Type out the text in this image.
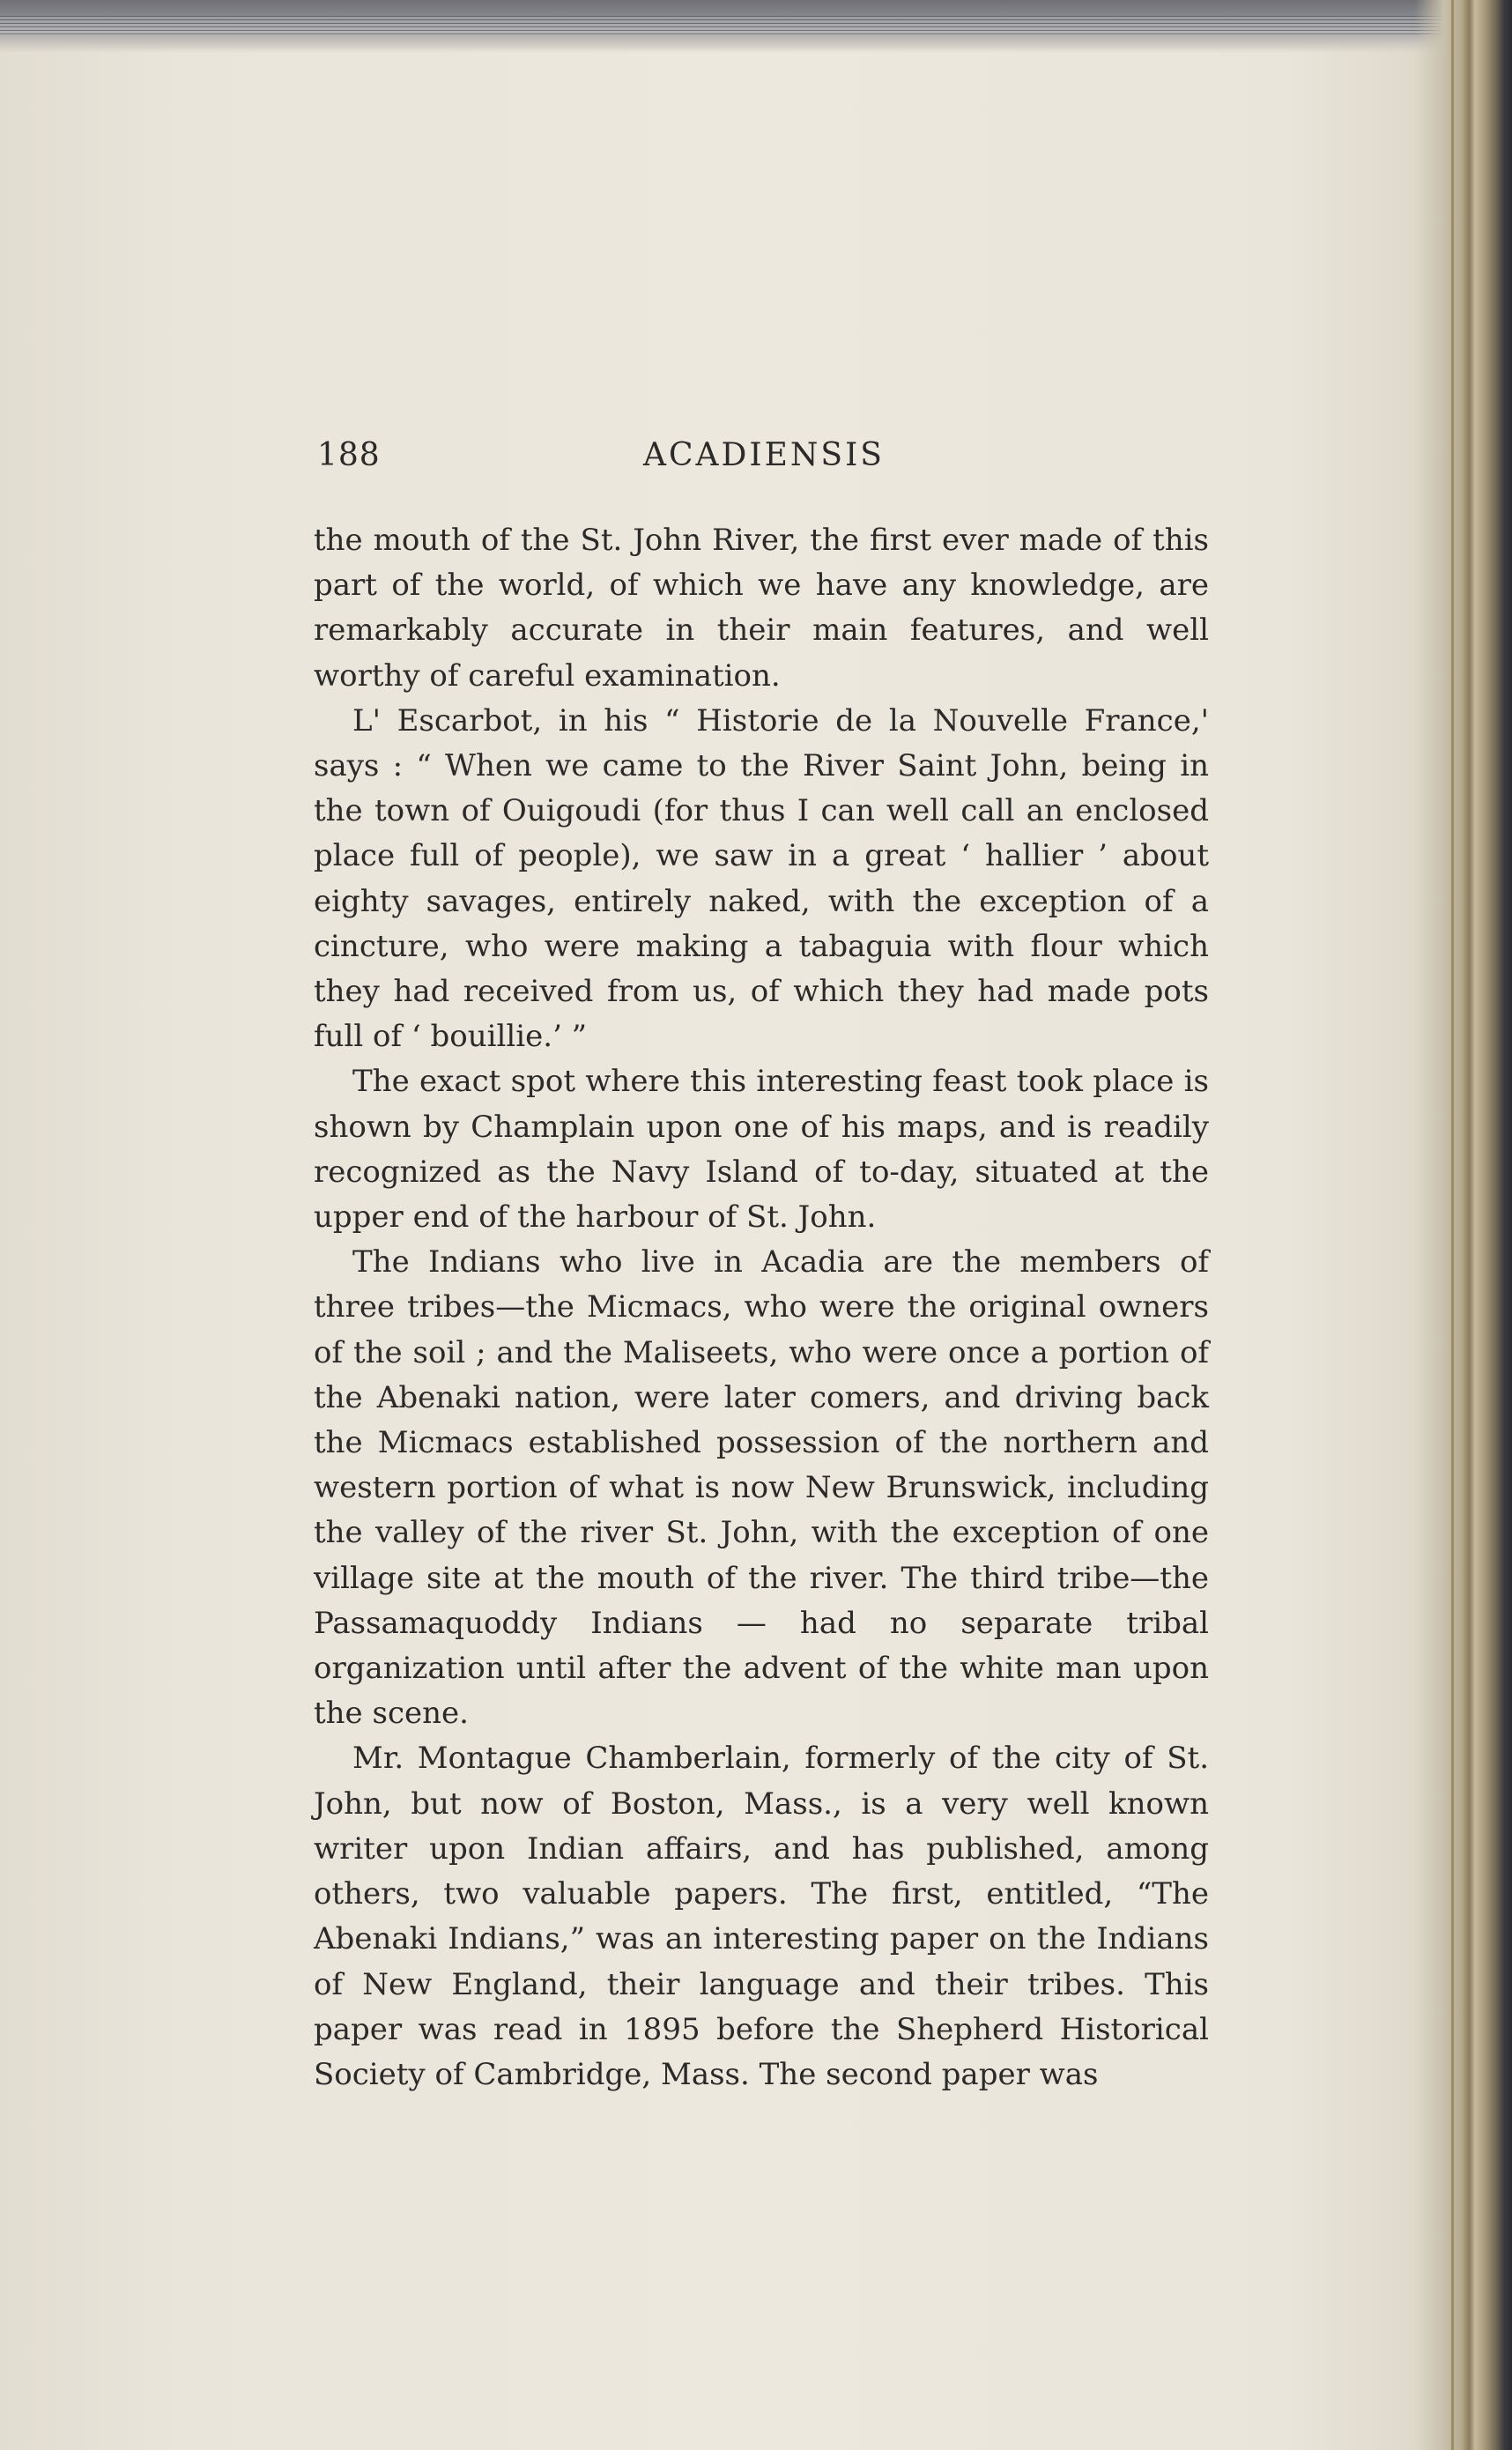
188	ACADIENSIS

the mouth of the St. John River, the first ever made of this part of the world, of which we have any knowledge, are remarkably accurate in their main features, and well worthy of careful examination.

L' Escarbot, in his “ Historie de la Nouvelle France,' says : “ When we came to the River Saint John, being in the town of Ouigoudi (for thus I can well call an enclosed place full of people), we saw in a great ‘ hallier ’ about eighty savages, entirely naked, with the exception of a cincture, who were making a tabaguia with flour which they had received from us, of which they had made pots full of ‘ bouillie.’ ”

The exact spot where this interesting feast took place is shown by Champlain upon one of his maps, and is readily recognized as the Navy Island of to-day, situated at the upper end of the harbour of St. John.

The Indians who live in Acadia are the members of three tribes—the Micmacs, who were the original owners of the soil ; and the Maliseets, who were once a portion of the Abenaki nation, were later comers, and driving back the Micmacs established possession of the northern and western portion of what is now New Brunswick, including the valley of the river St. John, with the exception of one village site at the mouth of the river. The third tribe—the Passamaquoddy Indians — had no separate tribal organization until after the advent of the white man upon the scene.

Mr. Montague Chamberlain, formerly of the city of St. John, but now of Boston, Mass., is a very well known writer upon Indian affairs, and has published, among others, two valuable papers. The first, entitled, “The Abenaki Indians,” was an interesting paper on the Indians of New England, their language and their tribes. This paper was read in 1895 before the Shepherd Historical Society of Cambridge, Mass. The second paper was
